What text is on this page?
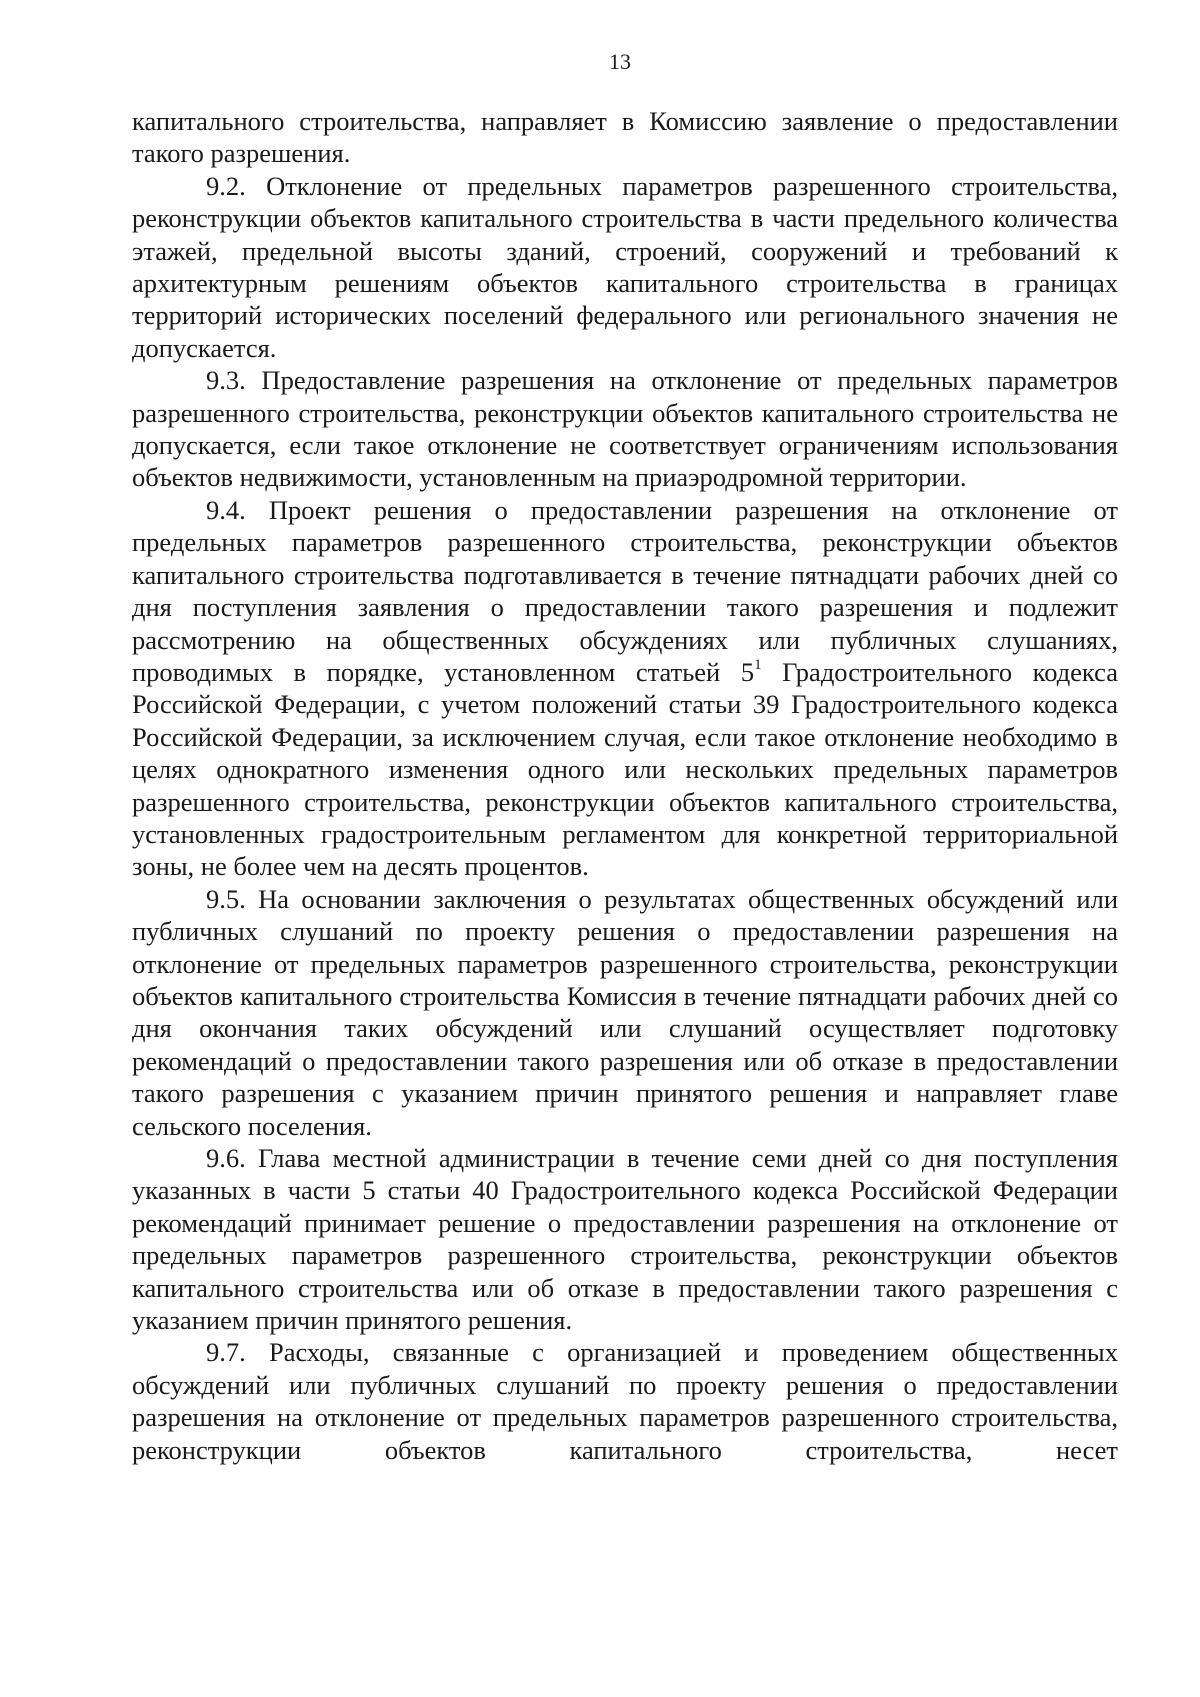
13

капитального строительства, направляет в Комиссию заявление о предоставлении такого разрешения.

9.2. Отклонение от предельных параметров разрешенного строительства, реконструкции объектов капитального строительства в части предельного количества этажей, предельной высоты зданий, строений, сооружений и требований к архитектурным решениям объектов капитального строительства в границах территорий исторических поселений федерального или регионального значения не допускается.

9.3. Предоставление разрешения на отклонение от предельных параметров разрешенного строительства, реконструкции объектов капитального строительства не допускается, если такое отклонение не соответствует ограничениям использования объектов недвижимости, установленным на приаэродромной территории.

9.4. Проект решения о предоставлении разрешения на отклонение от предельных параметров разрешенного строительства, реконструкции объектов капитального строительства подготавливается в течение пятнадцати рабочих дней со дня поступления заявления о предоставлении такого разрешения и подлежит рассмотрению на общественных обсуждениях или публичных слушаниях, проводимых в порядке, установленном статьей $5^1$ Градостроительного кодекса Российской Федерации, с учетом положений статьи 39 Градостроительного кодекса Российской Федерации, за исключением случая, если такое отклонение необходимо в целях однократного изменения одного или нескольких предельных параметров разрешенного строительства, реконструкции объектов капитального строительства, установленных градостроительным регламентом для конкретной территориальной зоны, не более чем на десять процентов.

9.5. На основании заключения о результатах общественных обсуждений или публичных слушаний по проекту решения о предоставлении разрешения на отклонение от предельных параметров разрешенного строительства, реконструкции объектов капитального строительства Комиссия в течение пятнадцати рабочих дней со дня окончания таких обсуждений или слушаний осуществляет подготовку рекомендаций о предоставлении такого разрешения или об отказе в предоставлении такого разрешения с указанием причин принятого решения и направляет главе сельского поселения.

9.6. Глава местной администрации в течение семи дней со дня поступления указанных в части 5 статьи 40 Градостроительного кодекса Российской Федерации рекомендаций принимает решение о предоставлении разрешения на отклонение от предельных параметров разрешенного строительства, реконструкции объектов капитального строительства или об отказе в предоставлении такого разрешения с указанием причин принятого решения.

9.7. Расходы, связанные с организацией и проведением общественных обсуждений или публичных слушаний по проекту решения о предоставлении разрешения на отклонение от предельных параметров разрешенного строительства, реконструкции объектов капитального строительства, несет
